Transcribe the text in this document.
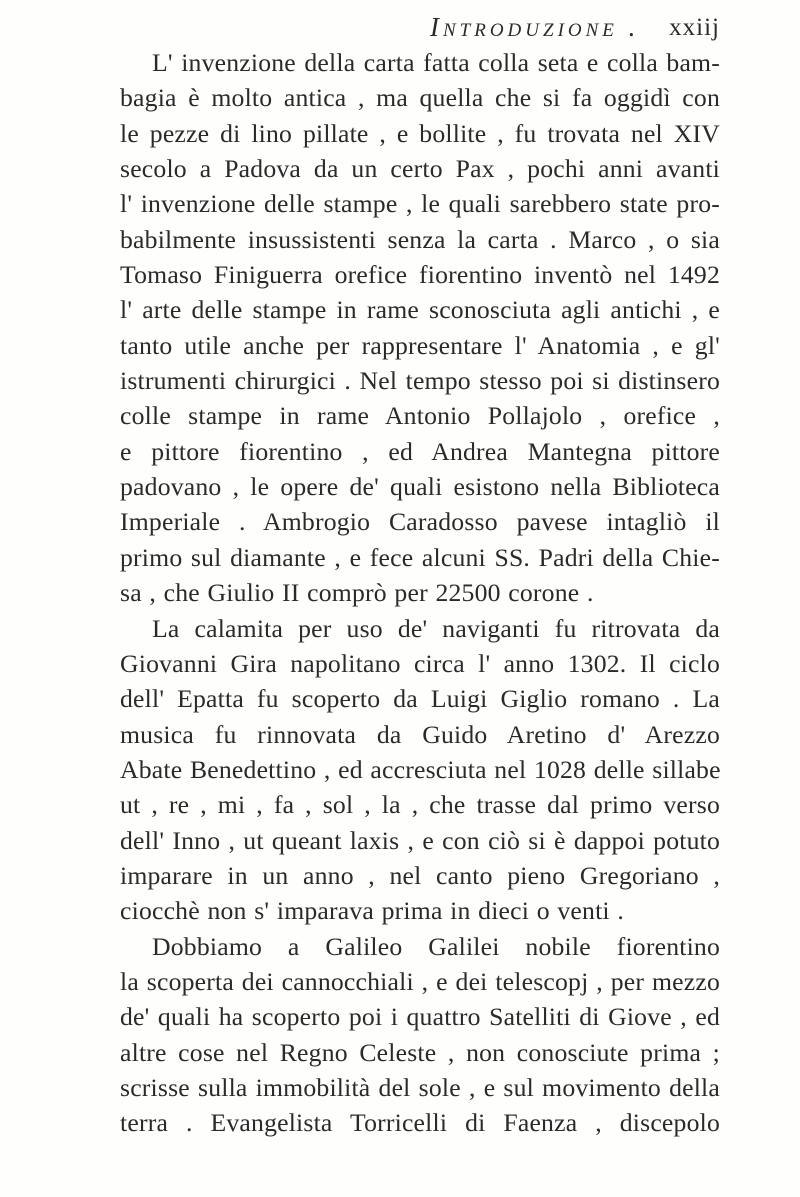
Introduzione . xxiij
L' invenzione della carta fatta colla seta e colla bam-
bagia è molto antica , ma quella che si fa oggidì con
le pezze di lino pillate , e bollite , fu trovata nel XIV
secolo a Padova da un certo Pax , pochi anni avanti
l' invenzione delle stampe , le quali sarebbero state pro-
babilmente insussistenti senza la carta . Marco , o sia
Tomaso Finiguerra orefice fiorentino inventò nel 1492
l' arte delle stampe in rame sconosciuta agli antichi , e
tanto utile anche per rappresentare l' Anatomia , e gl'
istrumenti chirurgici . Nel tempo stesso poi si distinsero
colle stampe in rame Antonio Pollajolo , orefice ,
e pittore fiorentino , ed Andrea Mantegna pittore
padovano , le opere de' quali esistono nella Biblioteca
Imperiale . Ambrogio Caradosso pavese intagliò il
primo sul diamante , e fece alcuni SS. Padri della Chie-
sa , che Giulio II comprò per 22500 corone .
La calamita per uso de' naviganti fu ritrovata da
Giovanni Gira napolitano circa l' anno 1302. Il ciclo
dell' Epatta fu scoperto da Luigi Giglio romano . La
musica fu rinnovata da Guido Aretino d' Arezzo
Abate Benedettino , ed accresciuta nel 1028 delle sillabe
ut , re , mi , fa , sol , la , che trasse dal primo verso
dell' Inno , ut queant laxis , e con ciò si è dappoi potuto
imparare in un anno , nel canto pieno Gregoriano ,
ciocchè non s' imparava prima in dieci o venti .
Dobbiamo a Galileo Galilei nobile fiorentino
la scoperta dei cannocchiali , e dei telescopj , per mezzo
de' quali ha scoperto poi i quattro Satelliti di Giove , ed
altre cose nel Regno Celeste , non conosciute prima ;
scrisse sulla immobilità del sole , e sul movimento della
terra . Evangelista Torricelli di Faenza , discepolo
